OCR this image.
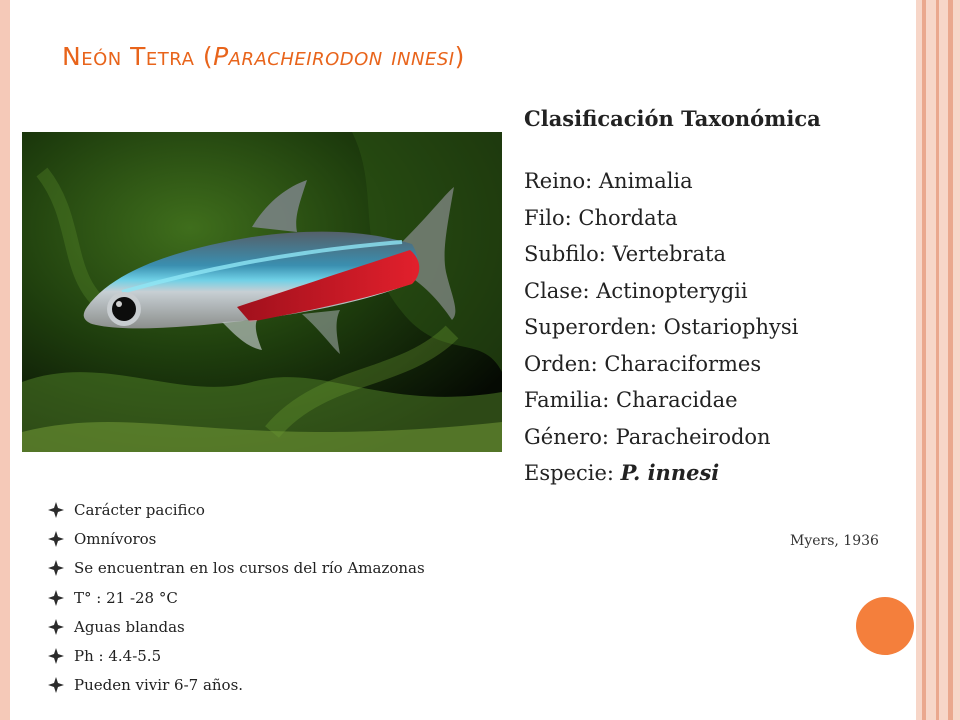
Neón Tetra (Paracheirodon innesi)

Clasificación Taxonómica

Reino: Animalia

Filo: Chordata

Subfilo: Vertebrata

Clase: Actinopterygii

Superorden: Ostariophysi

Orden: Characiformes

Familia: Characidae

Género: Paracheirodon

Especie: P. innesi

Myers, 1936
Carácter pacifico
Omnívoros
Se encuentran en los cursos del río Amazonas
T° : 21 -28 °C
Aguas blandas
Ph : 4.4-5.5
Pueden vivir 6-7 años.
